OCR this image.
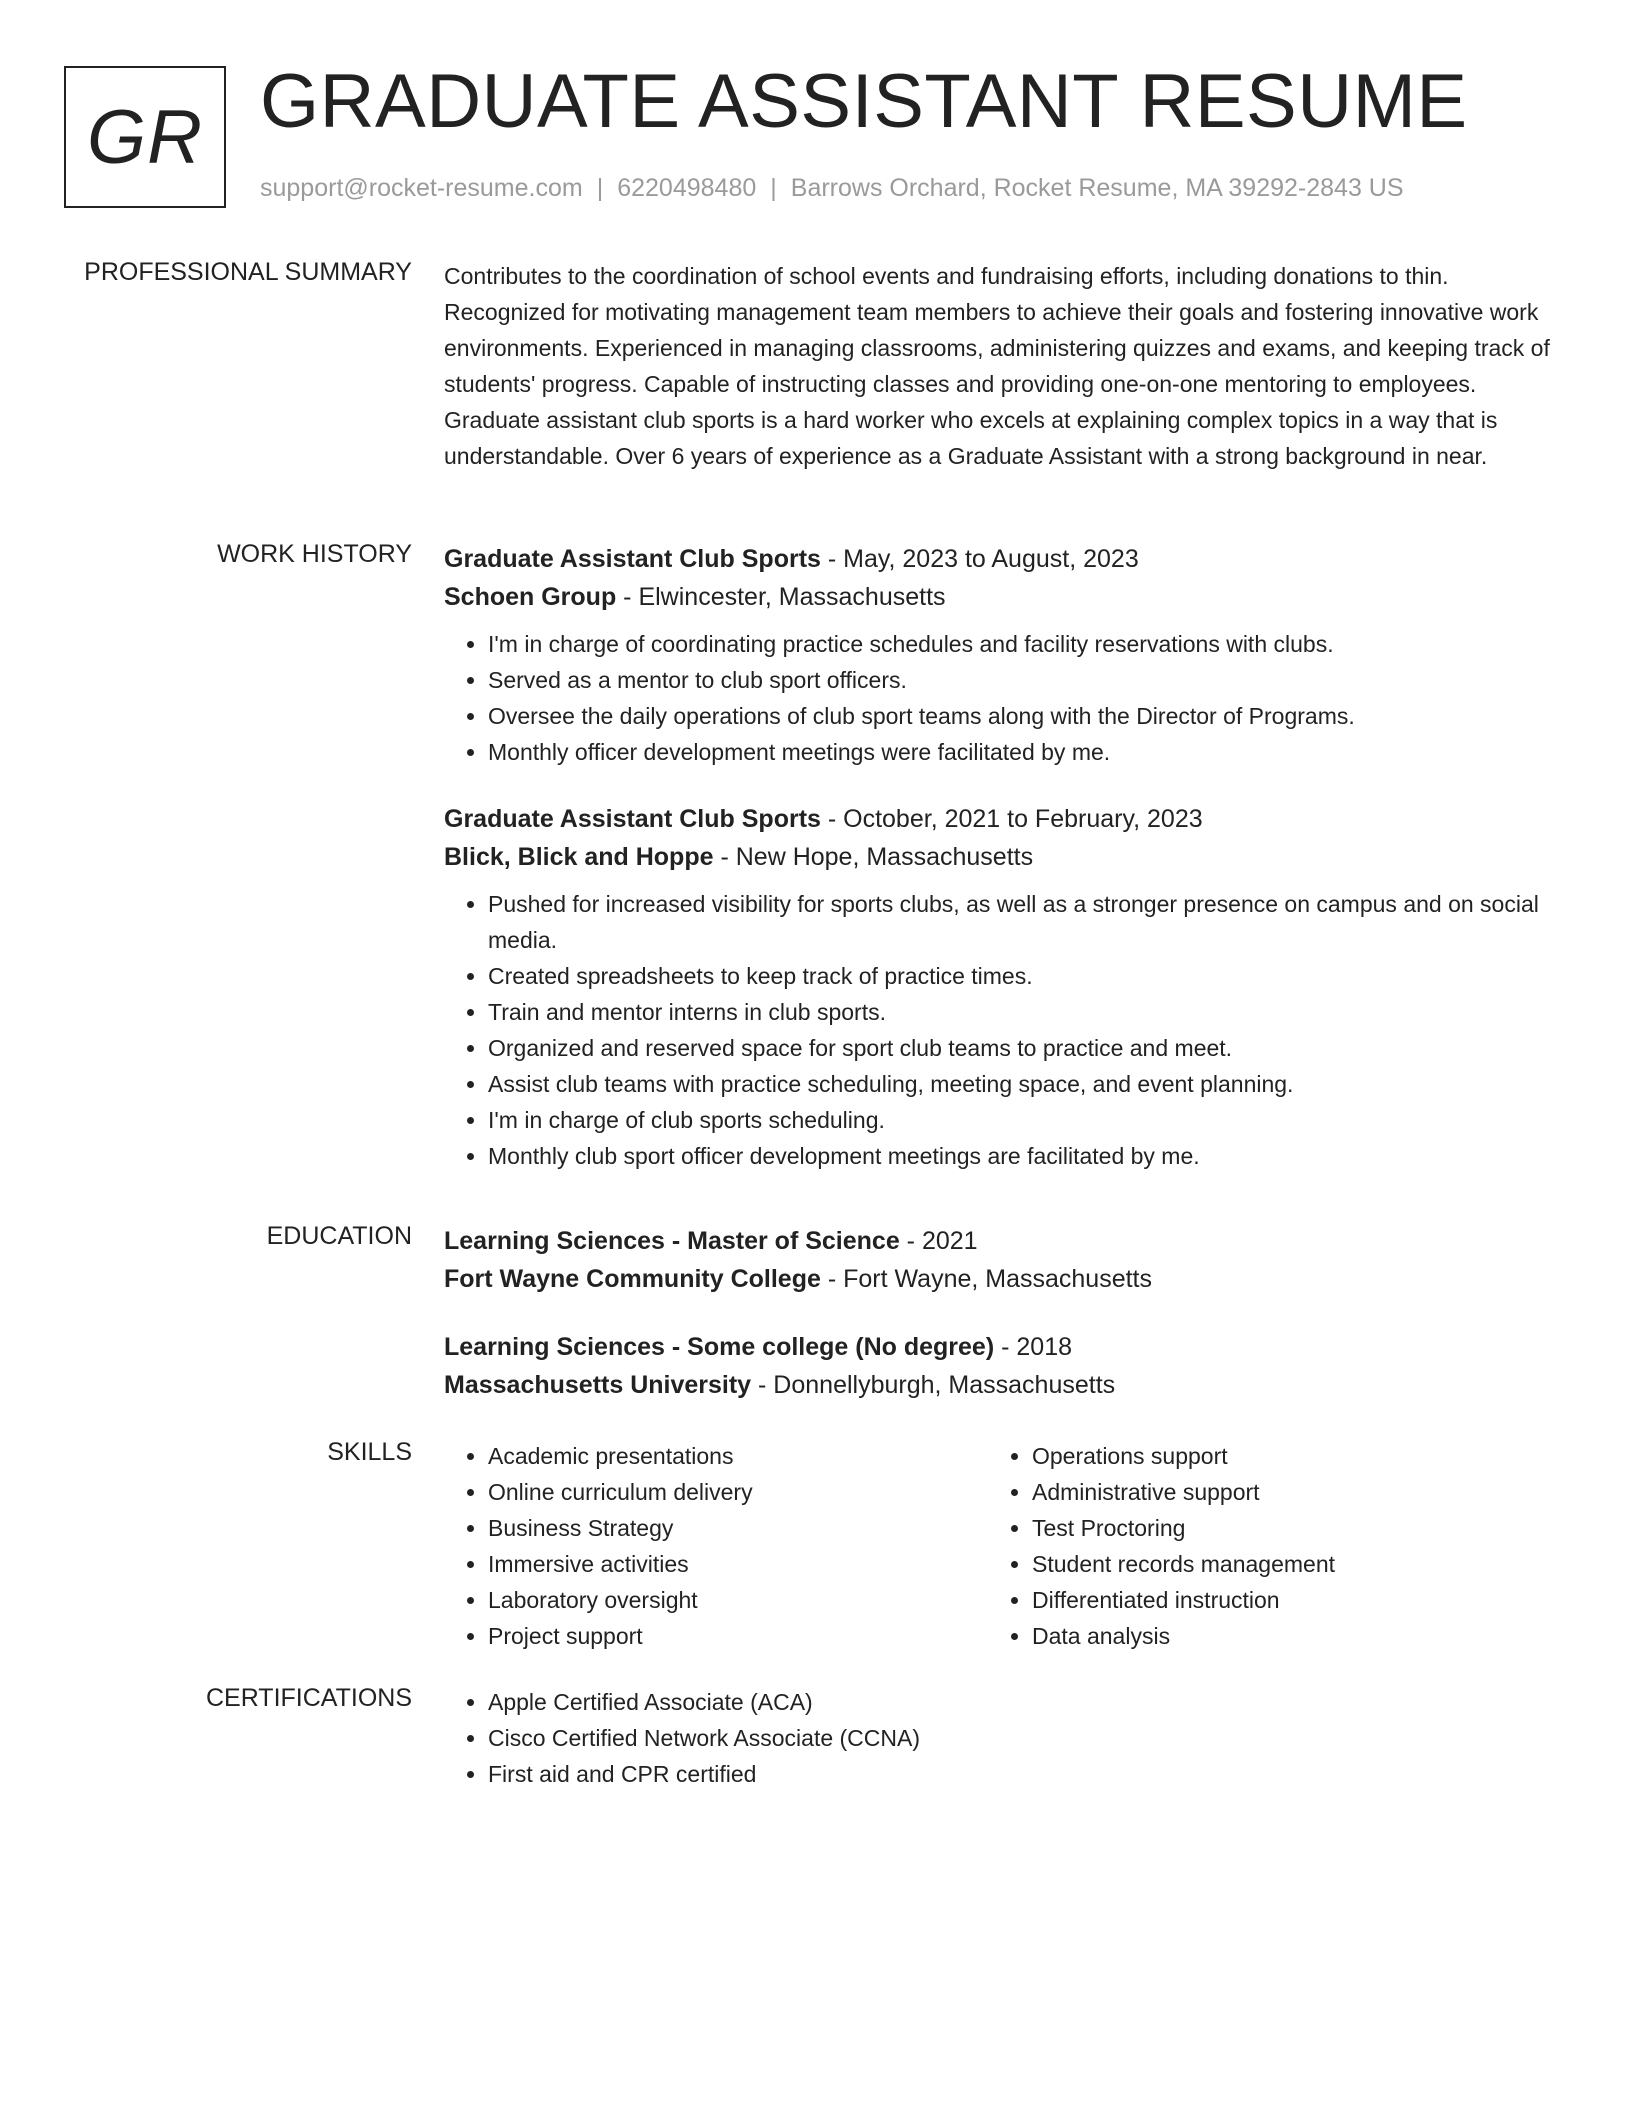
GR GRADUATE ASSISTANT RESUME
support@rocket-resume.com | 6220498480 | Barrows Orchard, Rocket Resume, MA 39292-2843 US
PROFESSIONAL SUMMARY Contributes to the coordination of school events and fundraising efforts, including donations to thin. Recognized for motivating management team members to achieve their goals and fostering innovative work environments. Experienced in managing classrooms, administering quizzes and exams, and keeping track of students' progress. Capable of instructing classes and providing one-on-one mentoring to employees. Graduate assistant club sports is a hard worker who excels at explaining complex topics in a way that is understandable. Over 6 years of experience as a Graduate Assistant with a strong background in near.

WORK HISTORY Graduate Assistant Club Sports - May, 2023 to August, 2023

Schoen Group - Elwincester, Massachusetts

• I'm in charge of coordinating practice schedules and facility reservations with clubs.
• Served as a mentor to club sport officers.
• Oversee the daily operations of club sport teams along with the Director of Programs.
• Monthly officer development meetings were facilitated by me.

Graduate Assistant Club Sports - October, 2021 to February, 2023

Blick, Blick and Hoppe - New Hope, Massachusetts

• Pushed for increased visibility for sports clubs, as well as a stronger presence on campus and on social media.
• Created spreadsheets to keep track of practice times.
• Train and mentor interns in club sports.
• Organized and reserved space for sport club teams to practice and meet.
• Assist club teams with practice scheduling, meeting space, and event planning.
• I'm in charge of club sports scheduling.
• Monthly club sport officer development meetings are facilitated by me.
EDUCATION Learning Sciences - Master of Science - 2021

Fort Wayne Community College - Fort Wayne, Massachusetts

Learning Sciences - Some college (No degree) - 2018

Massachusetts University - Donnellyburgh, Massachusetts

SKILLS	• Academic presentations
• Online curriculum delivery
• Business Strategy
• Immersive activities
• Laboratory oversight
• Project support
• Operations support
• Administrative support
• Test Proctoring
• Student records management
• Differentiated instruction
• Data analysis
CERTIFICATIONS	• Apple Certified Associate (ACA)
• Cisco Certified Network Associate (CCNA)
• First aid and CPR certified
